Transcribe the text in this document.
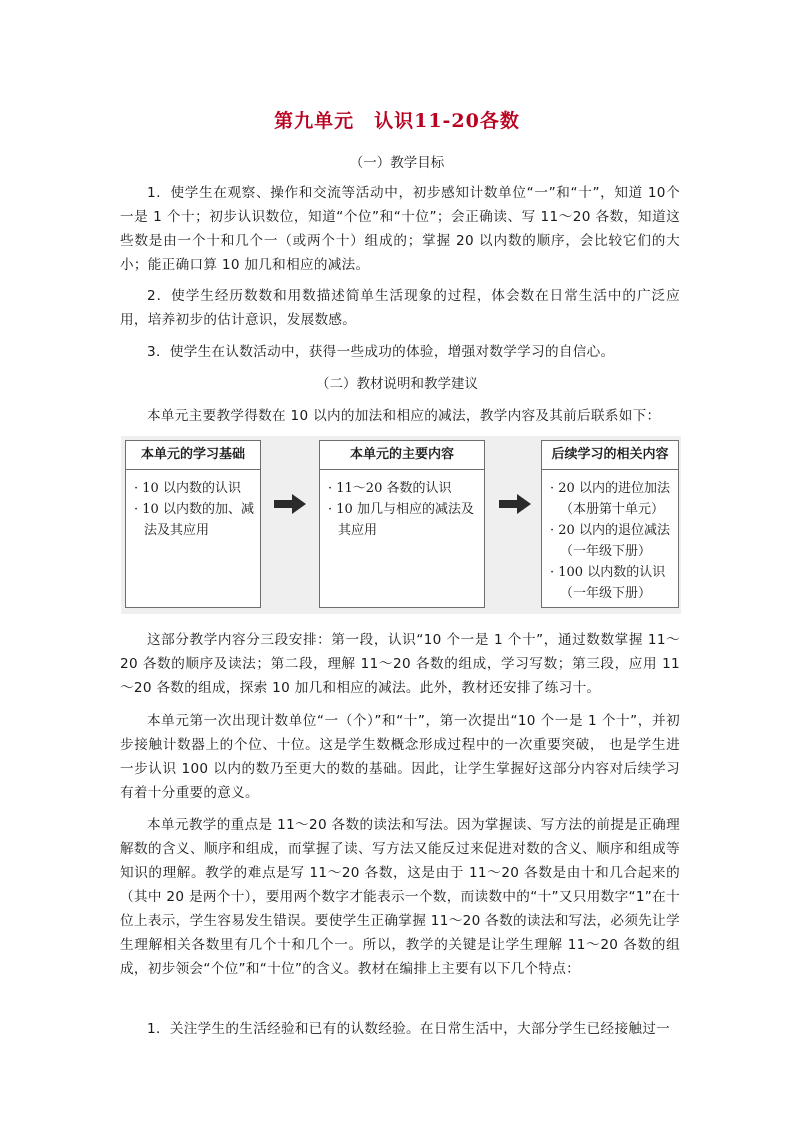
第九单元　认识11-20各数
（一）教学目标
1．使学生在观察、操作和交流等活动中，初步感知计数单位“一”和“十”，知道 10个一是 1 个十；初步认识数位，知道“个位”和“十位”；会正确读、写 11～20 各数，知道这些数是由一个十和几个一（或两个十）组成的；掌握 20 以内数的顺序，会比较它们的大小；能正确口算 10 加几和相应的减法。
2．使学生经历数数和用数描述简单生活现象的过程，体会数在日常生活中的广泛应用，培养初步的估计意识，发展数感。
3．使学生在认数活动中，获得一些成功的体验，增强对数学学习的自信心。
（二）教材说明和教学建议
本单元主要教学得数在 10 以内的加法和相应的减法，教学内容及其前后联系如下：
本单元的学习基础
· 10 以内数的认识
· 10 以内数的加、减法及其应用
本单元的主要内容
· 11～20 各数的认识
· 10 加几与相应的减法及其应用
后续学习的相关内容
· 20 以内的进位加法（本册第十单元）
· 20 以内的退位减法（一年级下册）
· 100 以内数的认识（一年级下册）
这部分教学内容分三段安排：第一段，认识“10 个一是 1 个十”，通过数数掌握 11～20 各数的顺序及读法；第二段，理解 11～20 各数的组成，学习写数；第三段，应用 11～20 各数的组成，探索 10 加几和相应的减法。此外，教材还安排了练习十。
本单元第一次出现计数单位“一（个）”和“十”，第一次提出“10 个一是 1 个十”，并初步接触计数器上的个位、十位。这是学生数概念形成过程中的一次重要突破， 也是学生进一步认识 100 以内的数乃至更大的数的基础。因此，让学生掌握好这部分内容对后续学习有着十分重要的意义。
本单元教学的重点是 11～20 各数的读法和写法。因为掌握读、写方法的前提是正确理解数的含义、顺序和组成，而掌握了读、写方法又能反过来促进对数的含义、顺序和组成等知识的理解。教学的难点是写 11～20 各数，这是由于 11～20 各数是由十和几合起来的（其中 20 是两个十），要用两个数字才能表示一个数，而读数中的“十”又只用数字“1”在十位上表示，学生容易发生错误。要使学生正确掌握 11～20 各数的读法和写法，必须先让学生理解相关各数里有几个十和几个一。所以，教学的关键是让学生理解 11～20 各数的组成，初步领会“个位”和“十位”的含义。教材在编排上主要有以下几个特点：
1．关注学生的生活经验和已有的认数经验。在日常生活中，大部分学生已经接触过一
